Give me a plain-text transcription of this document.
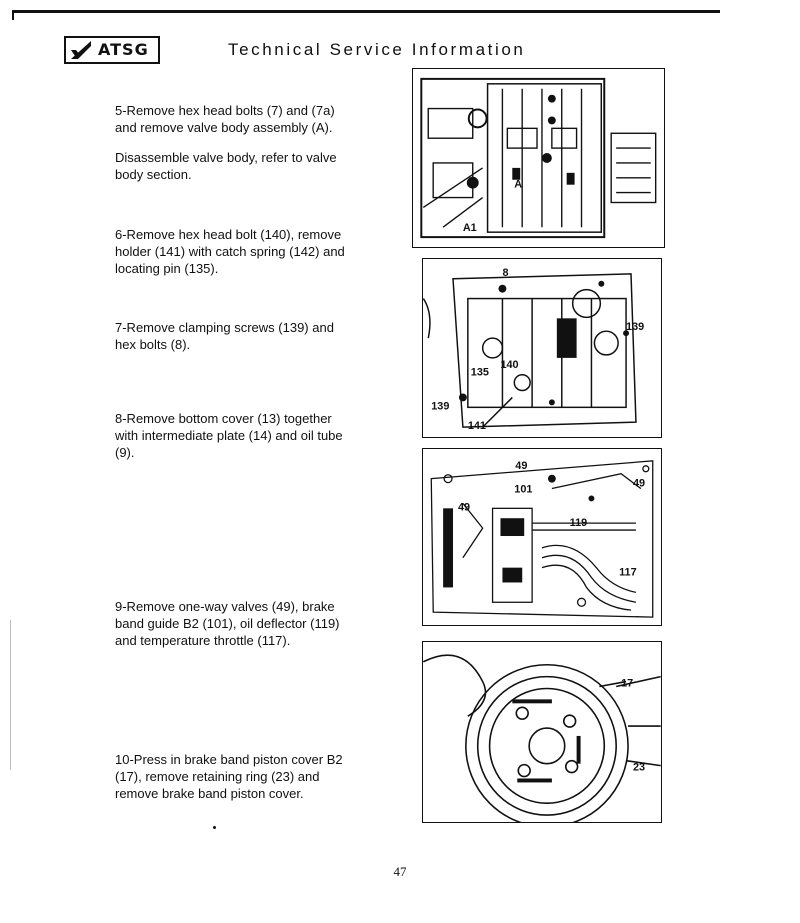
ATSG	Technical Service Information
5-Remove hex head bolts (7) and (7a)
and remove valve body assembly (A).
Disassemble valve body, refer to valve
body section.
6-Remove hex head bolt (140), remove
holder (141) with catch spring (142) and
locating pin (135).
7-Remove clamping screws (139) and
hex bolts (8).
8-Remove bottom cover (13) together
with intermediate plate (14) and oil tube
(9).
9-Remove one-way valves (49), brake
band guide B2 (101), oil deflector (119)
and temperature throttle (117).
10-Press in brake band piston cover B2
(17), remove retaining ring (23) and
remove brake band piston cover.
A
A1
8
139
140
135
139
141
49
101	49
49
119
117
17
23
47
